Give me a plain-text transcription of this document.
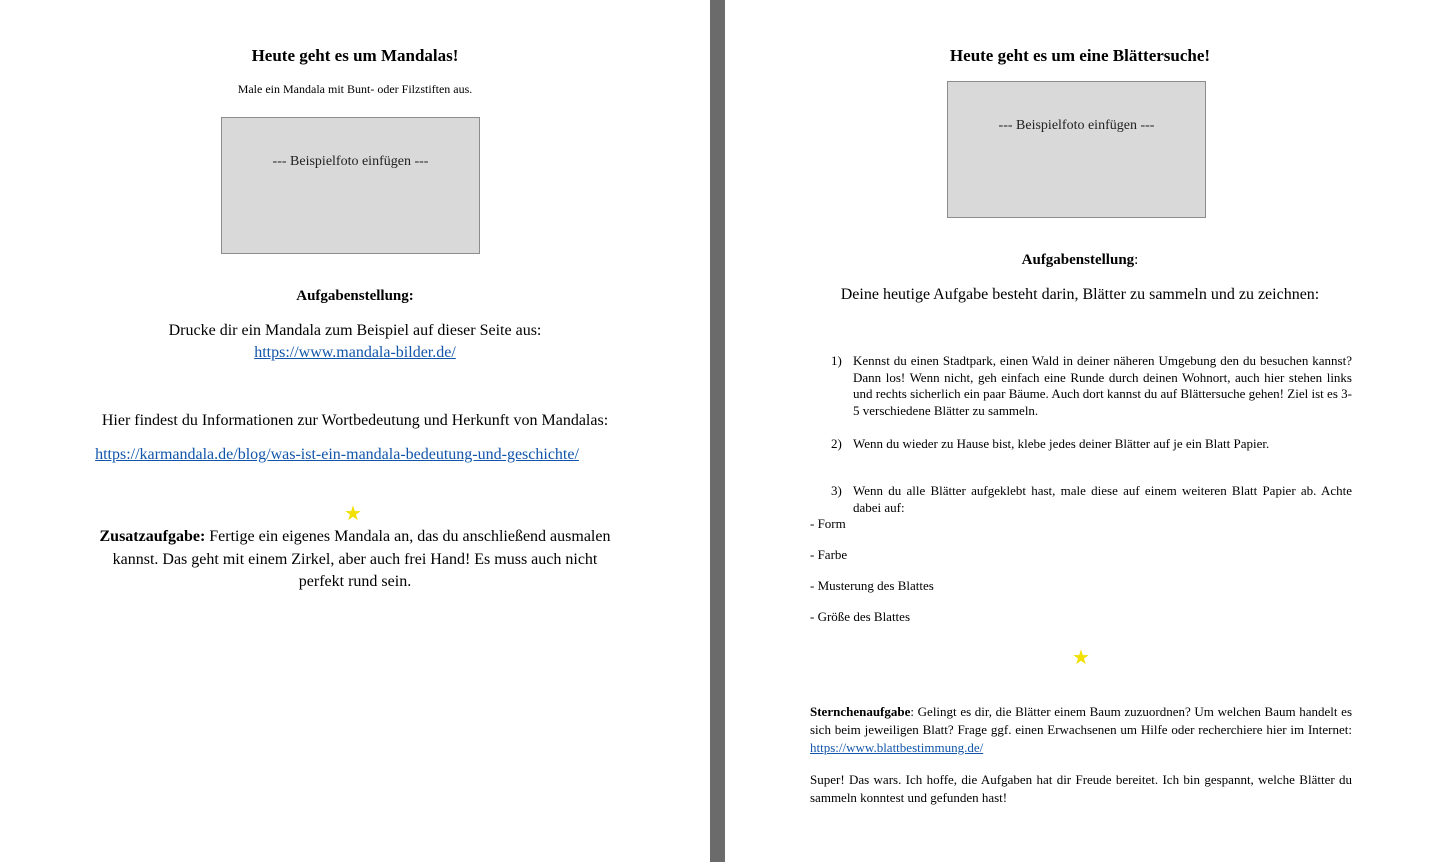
Heute geht es um Mandalas!
Male ein Mandala mit Bunt- oder Filzstiften aus.
--- Beispielfoto einfügen ---
Aufgabenstellung:
Drucke dir ein Mandala zum Beispiel auf dieser Seite aus:
https://www.mandala-bilder.de/
Hier findest du Informationen zur Wortbedeutung und Herkunft von Mandalas:
https://karmandala.de/blog/was-ist-ein-mandala-bedeutung-und-geschichte/
★
Zusatzaufgabe: Fertige ein eigenes Mandala an, das du anschließend ausmalen
kannst. Das geht mit einem Zirkel, aber auch frei Hand! Es muss auch nicht
perfekt rund sein.
Heute geht es um eine Blättersuche!
--- Beispielfoto einfügen ---
Aufgabenstellung:
Deine heutige Aufgabe besteht darin, Blätter zu sammeln und zu zeichnen:
1) Kennst du einen Stadtpark, einen Wald in deiner näheren Umgebung den du besuchen kannst? Dann los! Wenn nicht, geh einfach eine Runde durch deinen Wohnort, auch hier stehen links und rechts sicherlich ein paar Bäume. Auch dort kannst du auf Blättersuche gehen! Ziel ist es 3-5 verschiedene Blätter zu sammeln.
2) Wenn du wieder zu Hause bist, klebe jedes deiner Blätter auf je ein Blatt Papier.
3) Wenn du alle Blätter aufgeklebt hast, male diese auf einem weiteren Blatt Papier ab. Achte dabei auf:
- Form
- Farbe
- Musterung des Blattes
- Größe des Blattes
★
Sternchenaufgabe: Gelingt es dir, die Blätter einem Baum zuzuordnen? Um welchen Baum handelt es sich beim jeweiligen Blatt? Frage ggf. einen Erwachsenen um Hilfe oder recherchiere hier im Internet: https://www.blattbestimmung.de/
Super! Das wars. Ich hoffe, die Aufgaben hat dir Freude bereitet. Ich bin gespannt, welche Blätter du sammeln konntest und gefunden hast!
